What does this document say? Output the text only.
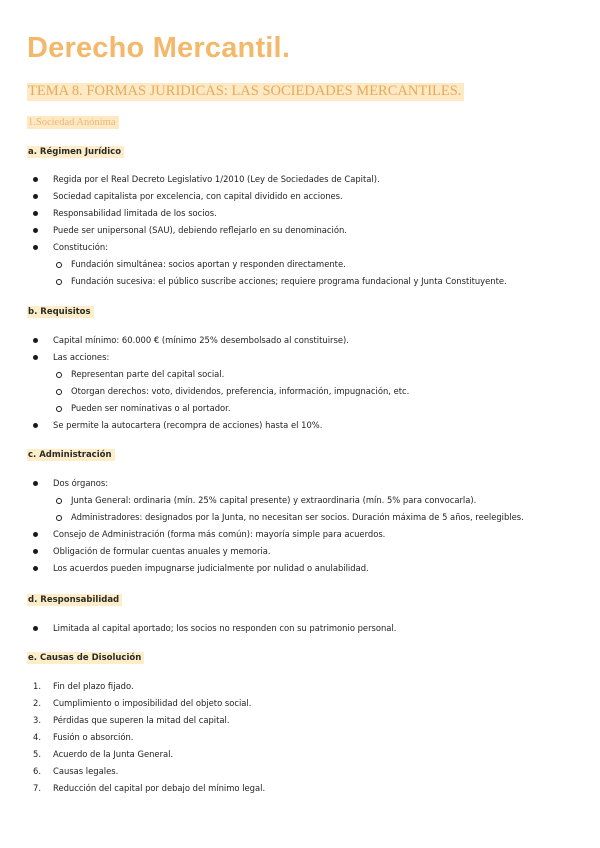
Derecho Mercantil.

TEMA 8. FORMAS JURIDICAS: LAS SOCIEDADES MERCANTILES.

1.Sociedad Anónima

a. Régimen Jurídico

Regida por el Real Decreto Legislativo 1/2010 (Ley de Sociedades de Capital).
Sociedad capitalista por excelencia, con capital dividido en acciones.
Responsabilidad limitada de los socios.
Puede ser unipersonal (SAU), debiendo reflejarlo en su denominación.
Constitución:
Fundación simultánea: socios aportan y responden directamente.
Fundación sucesiva: el público suscribe acciones; requiere programa fundacional y Junta Constituyente.

b. Requisitos

Capital mínimo: 60.000 € (mínimo 25% desembolsado al constituirse).
Las acciones:
Representan parte del capital social.
Otorgan derechos: voto, dividendos, preferencia, información, impugnación, etc.
Pueden ser nominativas o al portador.
Se permite la autocartera (recompra de acciones) hasta el 10%.

c. Administración

Dos órganos:
Junta General: ordinaria (mín. 25% capital presente) y extraordinaria (mín. 5% para convocarla).
Administradores: designados por la Junta, no necesitan ser socios. Duración máxima de 5 años, reelegibles.
Consejo de Administración (forma más común): mayoría simple para acuerdos.
Obligación de formular cuentas anuales y memoria.
Los acuerdos pueden impugnarse judicialmente por nulidad o anulabilidad.

d. Responsabilidad

Limitada al capital aportado; los socios no responden con su patrimonio personal.

e. Causas de Disolución

1. Fin del plazo fijado.
2. Cumplimiento o imposibilidad del objeto social.
3. Pérdidas que superen la mitad del capital.
4. Fusión o absorción.
5. Acuerdo de la Junta General.
6. Causas legales.
7. Reducción del capital por debajo del mínimo legal.
